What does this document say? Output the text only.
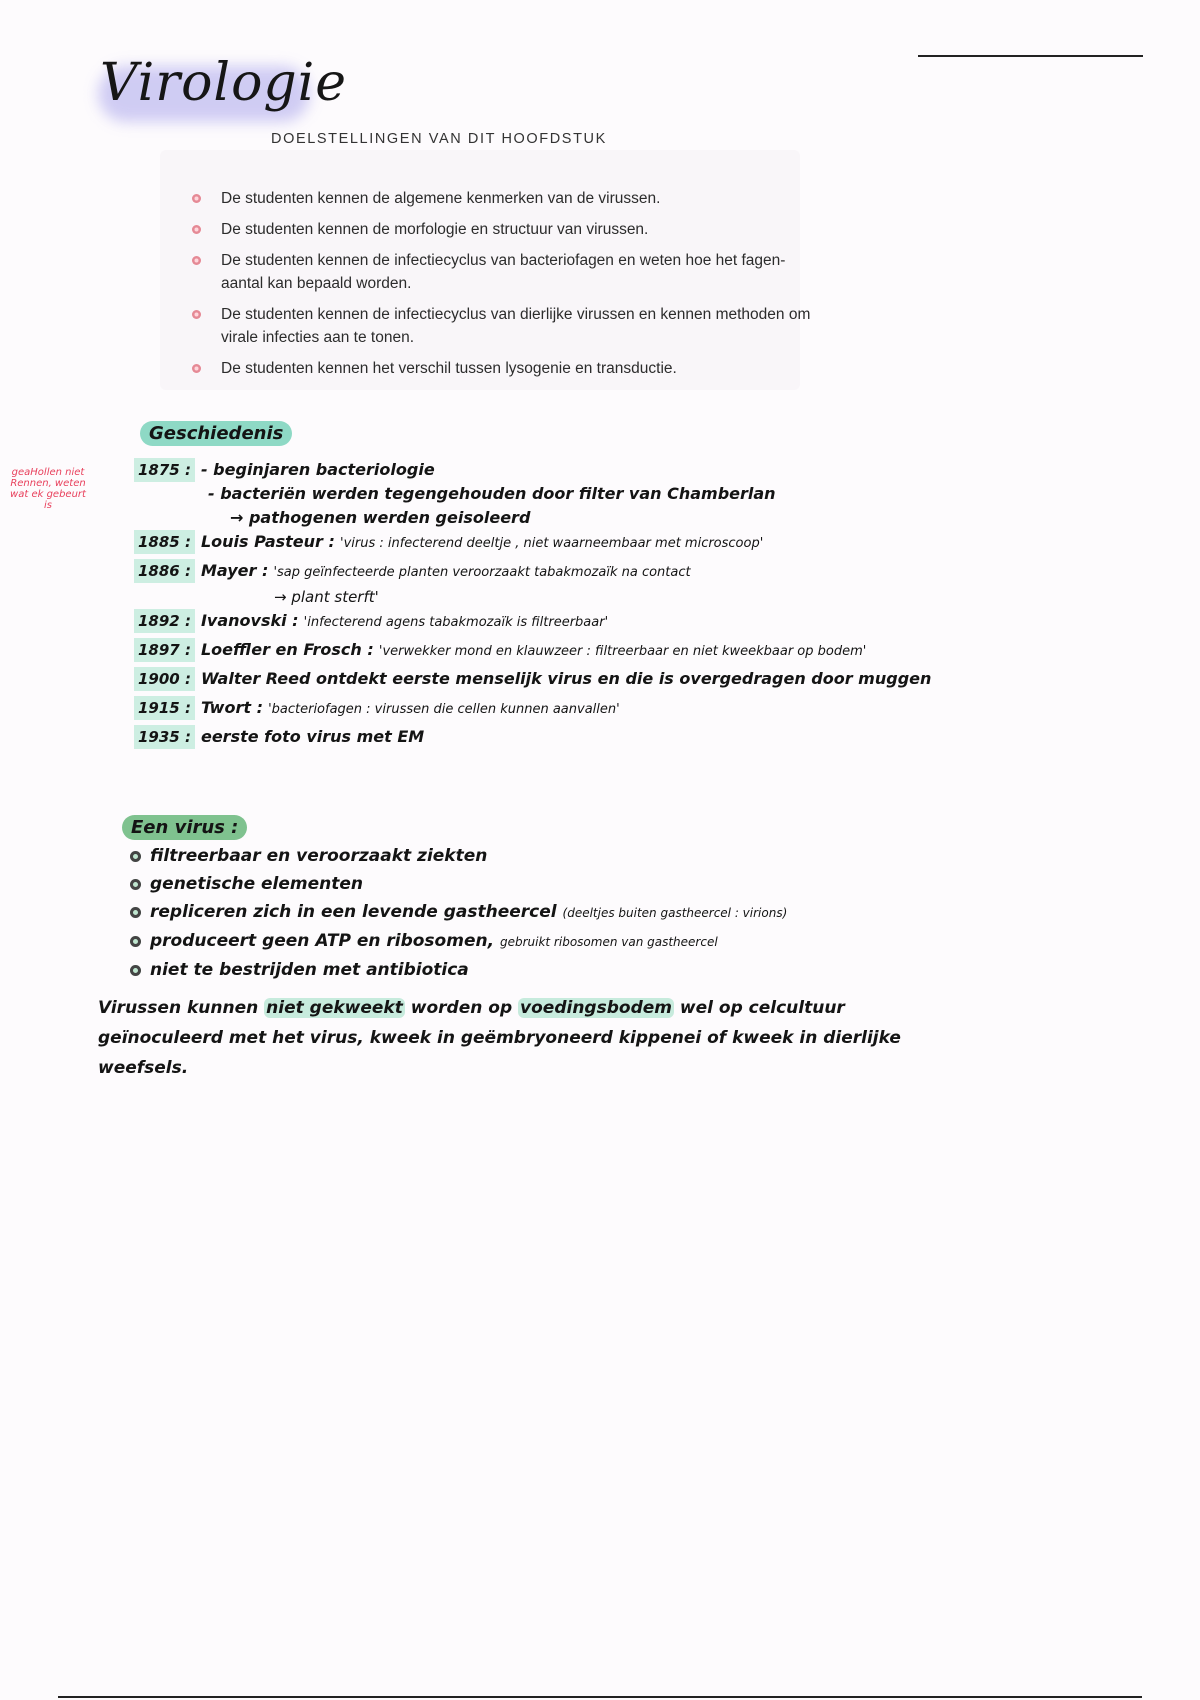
Virologie
DOELSTELLINGEN VAN DIT HOOFDSTUK
De studenten kennen de algemene kenmerken van de virussen.
De studenten kennen de morfologie en structuur van virussen.
De studenten kennen de infectiecyclus van bacteriofagen en weten hoe het fagen-aantal kan bepaald worden.
De studenten kennen de infectiecyclus van dierlijke virussen en kennen methoden om virale infecties aan te tonen.
De studenten kennen het verschil tussen lysogenie en transductie.
Geschiedenis
geaHollen niet Rennen, weten wat ek gebeurt is
1875 : - beginjaren bacteriologie
- bacteriën werden tegengehouden door filter van Chamberlan
→ pathogenen werden geisoleerd
1885 : Louis Pasteur : 'virus : infecterend deeltje , niet waarneembaar met microscoop'
1886 : Mayer : 'sap geïnfecteerde planten veroorzaakt tabakmozaïk na contact
→ plant sterft'
1892 : Ivanovski : 'infecterend agens tabakmozaïk is filtreerbaar'
1897 : Loeffler en Frosch : 'verwekker mond en klauwzeer : filtreerbaar en niet kweekbaar op bodem'
1900 : Walter Reed ontdekt eerste menselijk virus en die is overgedragen door muggen
1915 : Twort : 'bacteriofagen : virussen die cellen kunnen aanvallen'
1935 : eerste foto virus met EM
Een virus :
filtreerbaar en veroorzaakt ziekten
genetische elementen
repliceren zich in een levende gastheercel (deeltjes buiten gastheercel : virions)
produceert geen ATP en ribosomen, gebruikt ribosomen van gastheercel
niet te bestrijden met antibiotica
Virussen kunnen niet gekweekt worden op voedingsbodem wel op celcultuur geïnoculeerd met het virus, kweek in geëmbryoneerd kippenei of kweek in dierlijke weefsels.
